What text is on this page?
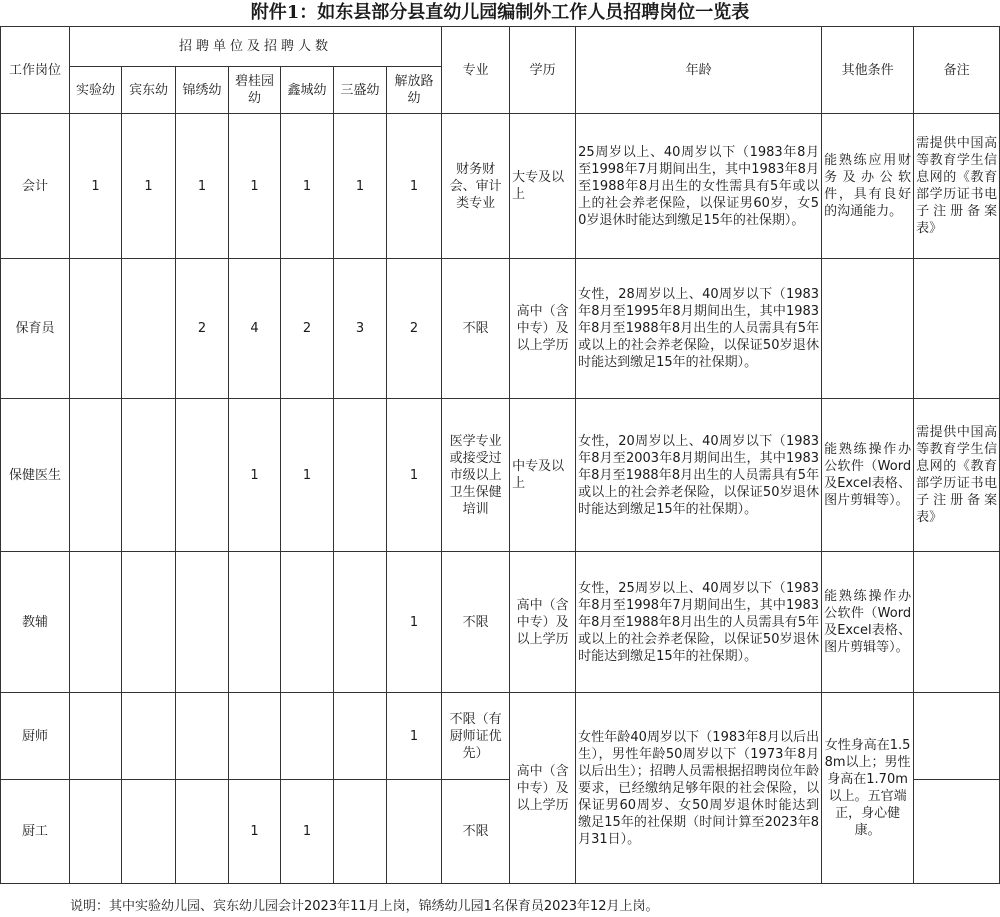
附件1：如东县部分县直幼儿园编制外工作人员招聘岗位一览表
工作岗位	招聘单位及招聘人数							专业	学历	年龄	其他条件	备注
	实验幼	宾东幼	锦绣幼	碧桂园幼	鑫城幼	三盛幼	解放路幼					
会计	1	1	1	1	1	1	1	财务财会、审计类专业	大专及以上	25周岁以上、40周岁以下（1983年8月至1998年7月期间出生，其中1983年8月至1988年8月出生的女性需具有5年或以上的社会养老保险，以保证男60岁，女50岁退休时能达到缴足15年的社保期）。	能熟练应用财务及办公软件，具有良好的沟通能力。	需提供中国高等教育学生信息网的《教育部学历证书电子注册备案表》
保育员			2	4	2	3	2	不限	高中（含中专）及以上学历	女性，28周岁以上、40周岁以下（1983年8月至1995年8月期间出生，其中1983年8月至1988年8月出生的人员需具有5年或以上的社会养老保险，以保证50岁退休时能达到缴足15年的社保期）。		
保健医生				1	1		1	医学专业或接受过市级以上卫生保健培训	中专及以上	女性，20周岁以上、40周岁以下（1983年8月至2003年8月期间出生，其中1983年8月至1988年8月出生的人员需具有5年或以上的社会养老保险，以保证50岁退休时能达到缴足15年的社保期）。	能熟练操作办公软件（Word及Excel表格、图片剪辑等）。	需提供中国高等教育学生信息网的《教育部学历证书电子注册备案表》
教辅							1	不限	高中（含中专）及以上学历	女性，25周岁以上、40周岁以下（1983年8月至1998年7月期间出生，其中1983年8月至1988年8月出生的人员需具有5年或以上的社会养老保险，以保证50岁退休时能达到缴足15年的社保期）。	能熟练操作办公软件（Word及Excel表格、图片剪辑等）。	
厨师							1	不限（有厨师证优先）	高中（含中专）及以上学历	女性年龄40周岁以下（1983年8月以后出生），男性年龄50周岁以下（1973年8月以后出生）；招聘人员需根据招聘岗位年龄要求，已经缴纳足够年限的社会保险，以保证男60周岁、女50周岁退休时能达到缴足15年的社保期（时间计算至2023年8月31日）。	女性身高在1.58m以上；男性身高在1.70m以上。五官端正，身心健康。	
厨工				1	1			不限				
说明：其中实验幼儿园、宾东幼儿园会计2023年11月上岗，锦绣幼儿园1名保育员2023年12月上岗。
